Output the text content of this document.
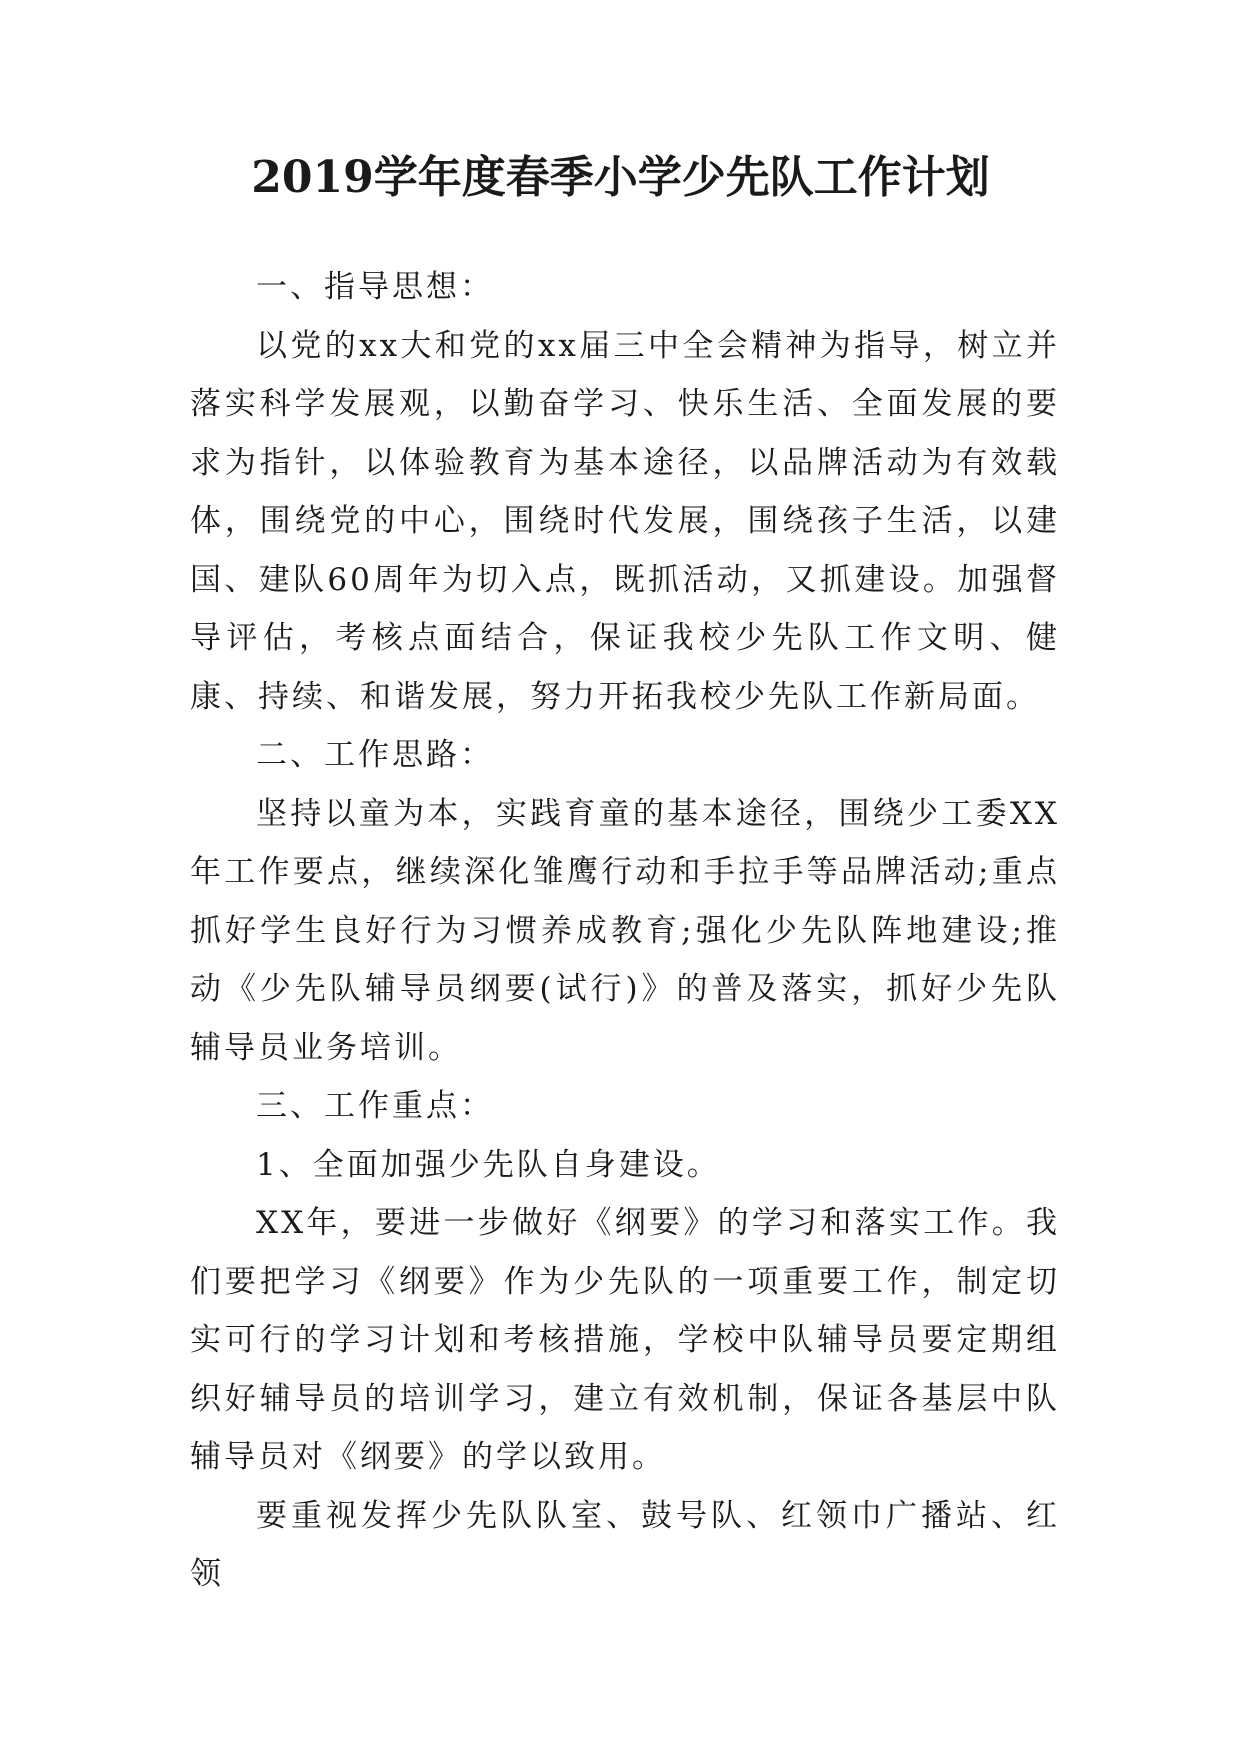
2019学年度春季小学少先队工作计划

一、指导思想：

以党的xx大和党的xx届三中全会精神为指导，树立并落实科学发展观，以勤奋学习、快乐生活、全面发展的要求为指针，以体验教育为基本途径，以品牌活动为有效载体，围绕党的中心，围绕时代发展，围绕孩子生活，以建国、建队60周年为切入点，既抓活动，又抓建设。加强督导评估，考核点面结合，保证我校少先队工作文明、健康、持续、和谐发展，努力开拓我校少先队工作新局面。

二、工作思路：

坚持以童为本，实践育童的基本途径，围绕少工委XX年工作要点，继续深化雏鹰行动和手拉手等品牌活动;重点抓好学生良好行为习惯养成教育;强化少先队阵地建设;推动《少先队辅导员纲要(试行)》的普及落实，抓好少先队辅导员业务培训。

三、工作重点：

1、全面加强少先队自身建设。

XX年，要进一步做好《纲要》的学习和落实工作。我们要把学习《纲要》作为少先队的一项重要工作，制定切实可行的学习计划和考核措施，学校中队辅导员要定期组织好辅导员的培训学习，建立有效机制，保证各基层中队辅导员对《纲要》的学以致用。

要重视发挥少先队队室、鼓号队、红领巾广播站、红领
